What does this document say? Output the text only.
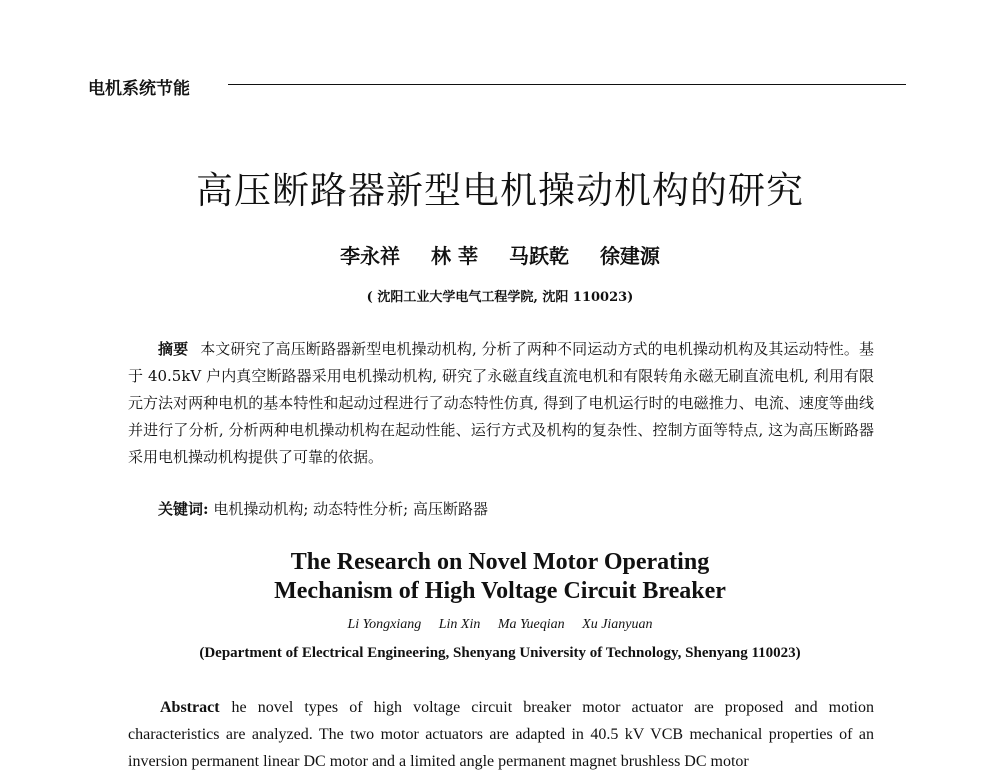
电机系统节能
高压断路器新型电机操动机构的研究
李永祥 林 莘 马跃乾 徐建源
( 沈阳工业大学电气工程学院, 沈阳 110023)

摘要 本文研究了高压断路器新型电机操动机构, 分析了两种不同运动方式的电机操动机构及其运动特性。基于 40.5kV 户内真空断路器采用电机操动机构, 研究了永磁直线直流电机和有限转角永磁无刷直流电机, 利用有限元方法对两种电机的基本特性和起动过程进行了动态特性仿真, 得到了电机运行时的电磁推力、电流、速度等曲线并进行了分析, 分析两种电机操动机构在起动性能、运行方式及机构的复杂性、控制方面等特点, 这为高压断路器采用电机操动机构提供了可靠的依据。

关键词: 电机操动机构; 动态特性分析; 高压断路器
The Research on Novel Motor Operating
Mechanism of High Voltage Circuit Breaker
Li Yongxiang Lin Xin Ma Yueqian Xu Jianyuan
(Department of Electrical Engineering, Shenyang University of Technology, Shenyang 110023)

Abstract he novel types of high voltage circuit breaker motor actuator are proposed and motion characteristics are analyzed. The two motor actuators are adapted in 40.5 kV VCB mechanical properties of an inversion permanent linear DC motor and a limited angle permanent magnet brushless DC motor
